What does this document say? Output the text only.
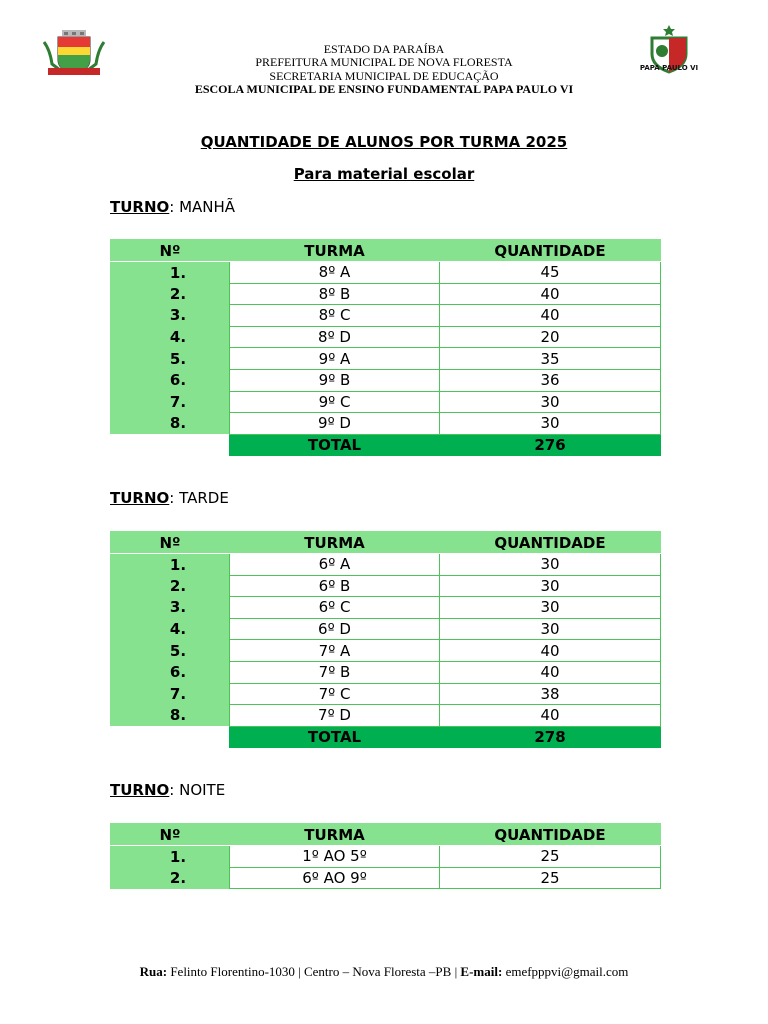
PAPA PAULO VI
ESTADO DA PARAÍBA
PREFEITURA MUNICIPAL DE NOVA FLORESTA
SECRETARIA MUNICIPAL DE EDUCAÇÃO
ESCOLA MUNICIPAL DE ENSINO FUNDAMENTAL PAPA PAULO VI
QUANTIDADE DE ALUNOS POR TURMA 2025
Para material escolar
TURNO: MANHÃ
Nº	TURMA	QUANTIDADE
1.	8º A	45
2.	8º B	40
3.	8º C	40
4.	8º D	20
5.	9º A	35
6.	9º B	36
7.	9º C	30
8.	9º D	30
	TOTAL	276
TURNO: TARDE
Nº	TURMA	QUANTIDADE
1.	6º A	30
2.	6º B	30
3.	6º C	30
4.	6º D	30
5.	7º A	40
6.	7º B	40
7.	7º C	38
8.	7º D	40
	TOTAL	278
TURNO: NOITE
Nº	TURMA	QUANTIDADE
1.	1º AO 5º	25
2.	6º AO 9º	25
Rua: Felinto Florentino-1030 | Centro – Nova Floresta –PB | E-mail: emefpppvi@gmail.com
